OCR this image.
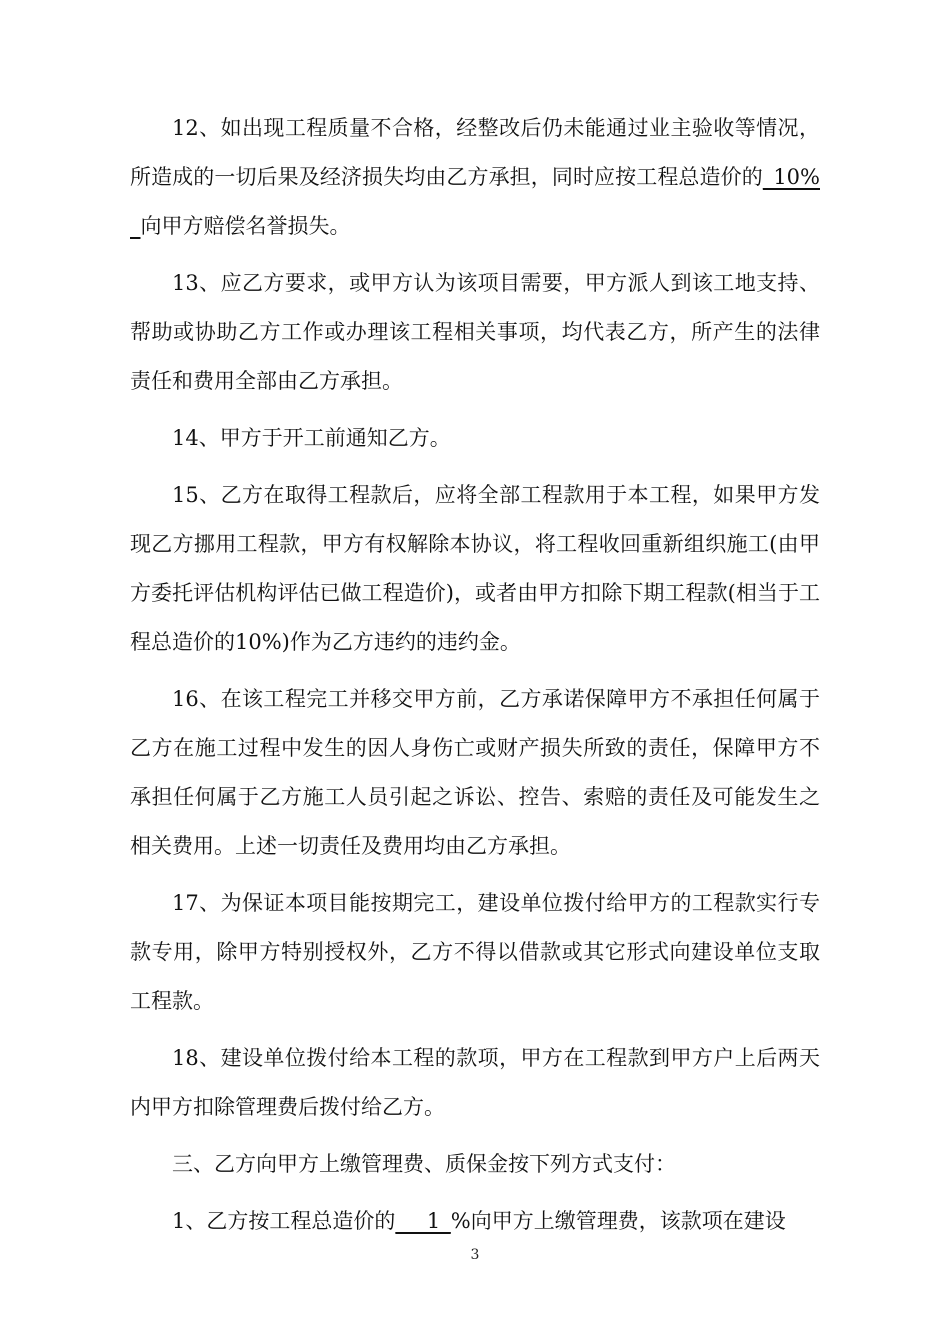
12、如出现工程质量不合格，经整改后仍未能通过业主验收等情况，所造成的一切后果及经济损失均由乙方承担，同时应按工程总造价的_10%_向甲方赔偿名誉损失。

13、应乙方要求，或甲方认为该项目需要，甲方派人到该工地支持、帮助或协助乙方工作或办理该工程相关事项，均代表乙方，所产生的法律责任和费用全部由乙方承担。

14、甲方于开工前通知乙方。

15、乙方在取得工程款后，应将全部工程款用于本工程，如果甲方发现乙方挪用工程款，甲方有权解除本协议，将工程收回重新组织施工(由甲方委托评估机构评估已做工程造价)，或者由甲方扣除下期工程款(相当于工程总造价的10%)作为乙方违约的违约金。

16、在该工程完工并移交甲方前，乙方承诺保障甲方不承担任何属于乙方在施工过程中发生的因人身伤亡或财产损失所致的责任，保障甲方不承担任何属于乙方施工人员引起之诉讼、控告、索赔的责任及可能发生之相关费用。上述一切责任及费用均由乙方承担。

17、为保证本项目能按期完工，建设单位拨付给甲方的工程款实行专款专用，除甲方特别授权外，乙方不得以借款或其它形式向建设单位支取工程款。

18、建设单位拨付给本工程的款项，甲方在工程款到甲方户上后两天内甲方扣除管理费后拨付给乙方。

三、乙方向甲方上缴管理费、质保金按下列方式支付：

1、乙方按工程总造价的___1_%向甲方上缴管理费，该款项在建设

3
